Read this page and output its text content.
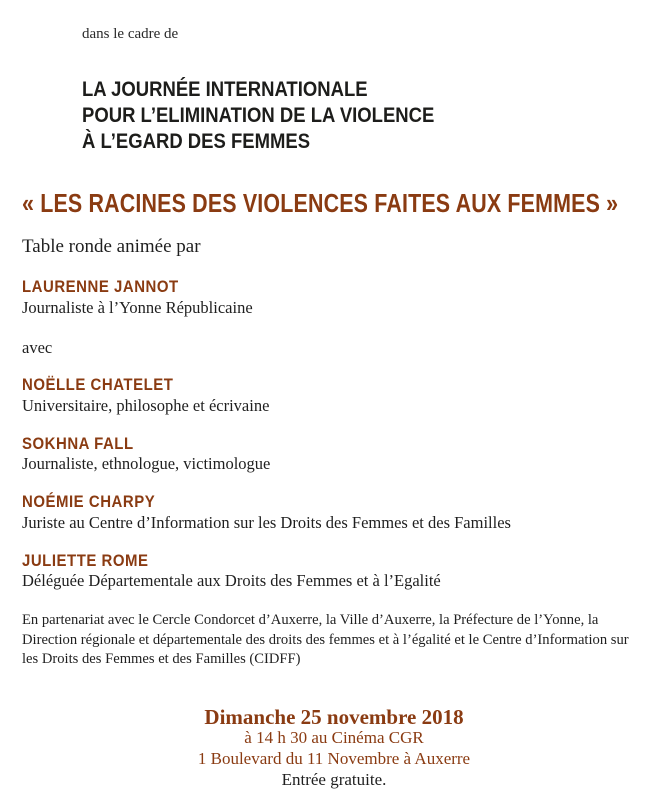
dans le cadre de

LA JOURNÉE INTERNATIONALE
POUR L’ELIMINATION DE LA VIOLENCE
À L’EGARD DES FEMMES

« LES RACINES DES VIOLENCES FAITES AUX FEMMES »

Table ronde animée par

LAURENNE JANNOT

Journaliste à l’Yonne Républicaine

avec

NOËLLE CHATELET

Universitaire, philosophe et écrivaine

SOKHNA FALL

Journaliste, ethnologue, victimologue

NOÉMIE CHARPY

Juriste au Centre d’Information sur les Droits des Femmes et des Familles

JULIETTE ROME

Déléguée Départementale aux Droits des Femmes et à l’Egalité

En partenariat avec le Cercle Condorcet d’Auxerre, la Ville d’Auxerre, la Préfecture de l’Yonne, la Direction régionale et départementale des droits des femmes et à l’égalité et le Centre d’Information sur les Droits des Femmes et des Familles (CIDFF)

Dimanche 25 novembre 2018

à 14 h 30 au Cinéma CGR

1 Boulevard du 11 Novembre à Auxerre

Entrée gratuite.
